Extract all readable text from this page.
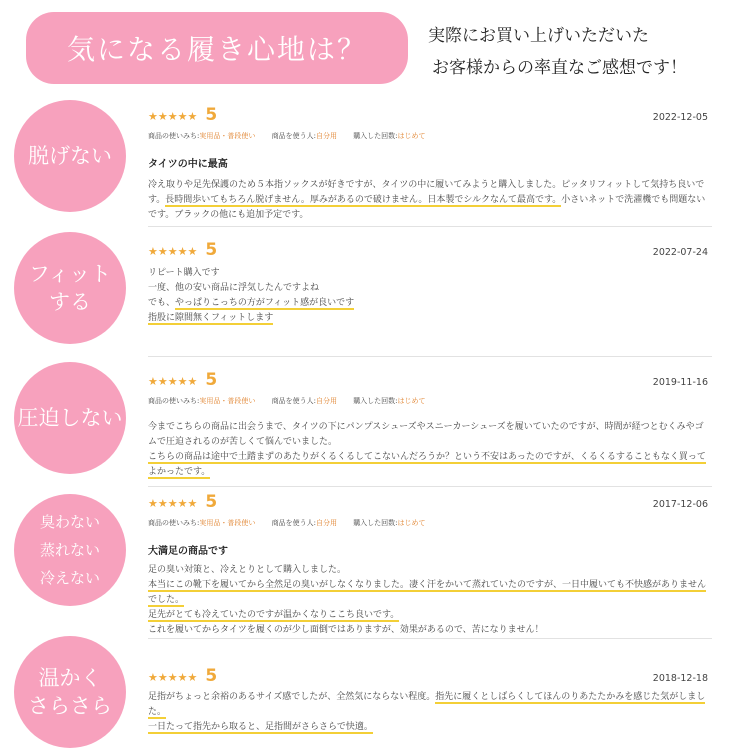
気になる履き心地は？	実際にお買い上げいただいた
お客様からの率直なご感想です！
脱げない
★★★★★ 5	2022-12-05
商品の使いみち:実用品・普段使い 商品を使う人:自分用 購入した回数:はじめて
タイツの中に最高

冷え取りや足先保護のため５本指ソックスが好きですが、タイツの中に履いてみようと購入しました。ピッタリフィットして気持ち良いです。長時間歩いてもちろん脱げません。厚みがあるので破けません。日本製でシルクなんて最高です。小さいネットで洗濯機でも問題ないです。ブラックの他にも追加予定です。

フィット
する
★★★★★ 5	2022-07-24

リピート購入です

一度、他の安い商品に浮気したんですよね

でも、やっぱりこっちの方がフィット感が良いです

指股に隙間無くフィットします

圧迫しない
★★★★★ 5	2019-11-16
商品の使いみち:実用品・普段使い 商品を使う人:自分用 購入した回数:はじめて

今までこちらの商品に出会うまで、タイツの下にパンプスシューズやスニーカーシューズを履いていたのですが、時間が経つとむくみやゴムで圧迫されるのが苦しくて悩んでいました。

こちらの商品は途中で土踏まずのあたりがくるくるしてこないんだろうか？という不安はあったのですが、くるくるすることもなく買ってよかったです。

臭わない
蒸れない
冷えない
★★★★★ 5	2017-12-06
商品の使いみち:実用品・普段使い 商品を使う人:自分用 購入した回数:はじめて
大満足の商品です

足の臭い対策と、冷えとりとして購入しました。

本当にこの靴下を履いてから全然足の臭いがしなくなりました。凄く汗をかいて蒸れていたのですが、一日中履いても不快感がありませんでした。

足先がとても冷えていたのですが温かくなりここち良いです。

これを履いてからタイツを履くのが少し面倒ではありますが、効果があるので、苦になりません！

温かく
さらさら
★★★★★ 5	2018-12-18

足指がちょっと余裕のあるサイズ感でしたが、全然気にならない程度。指先に履くとしばらくしてほんのりあたたかみを感じた気がしました。

一日たって指先から取ると、足指間がさらさらで快適。
